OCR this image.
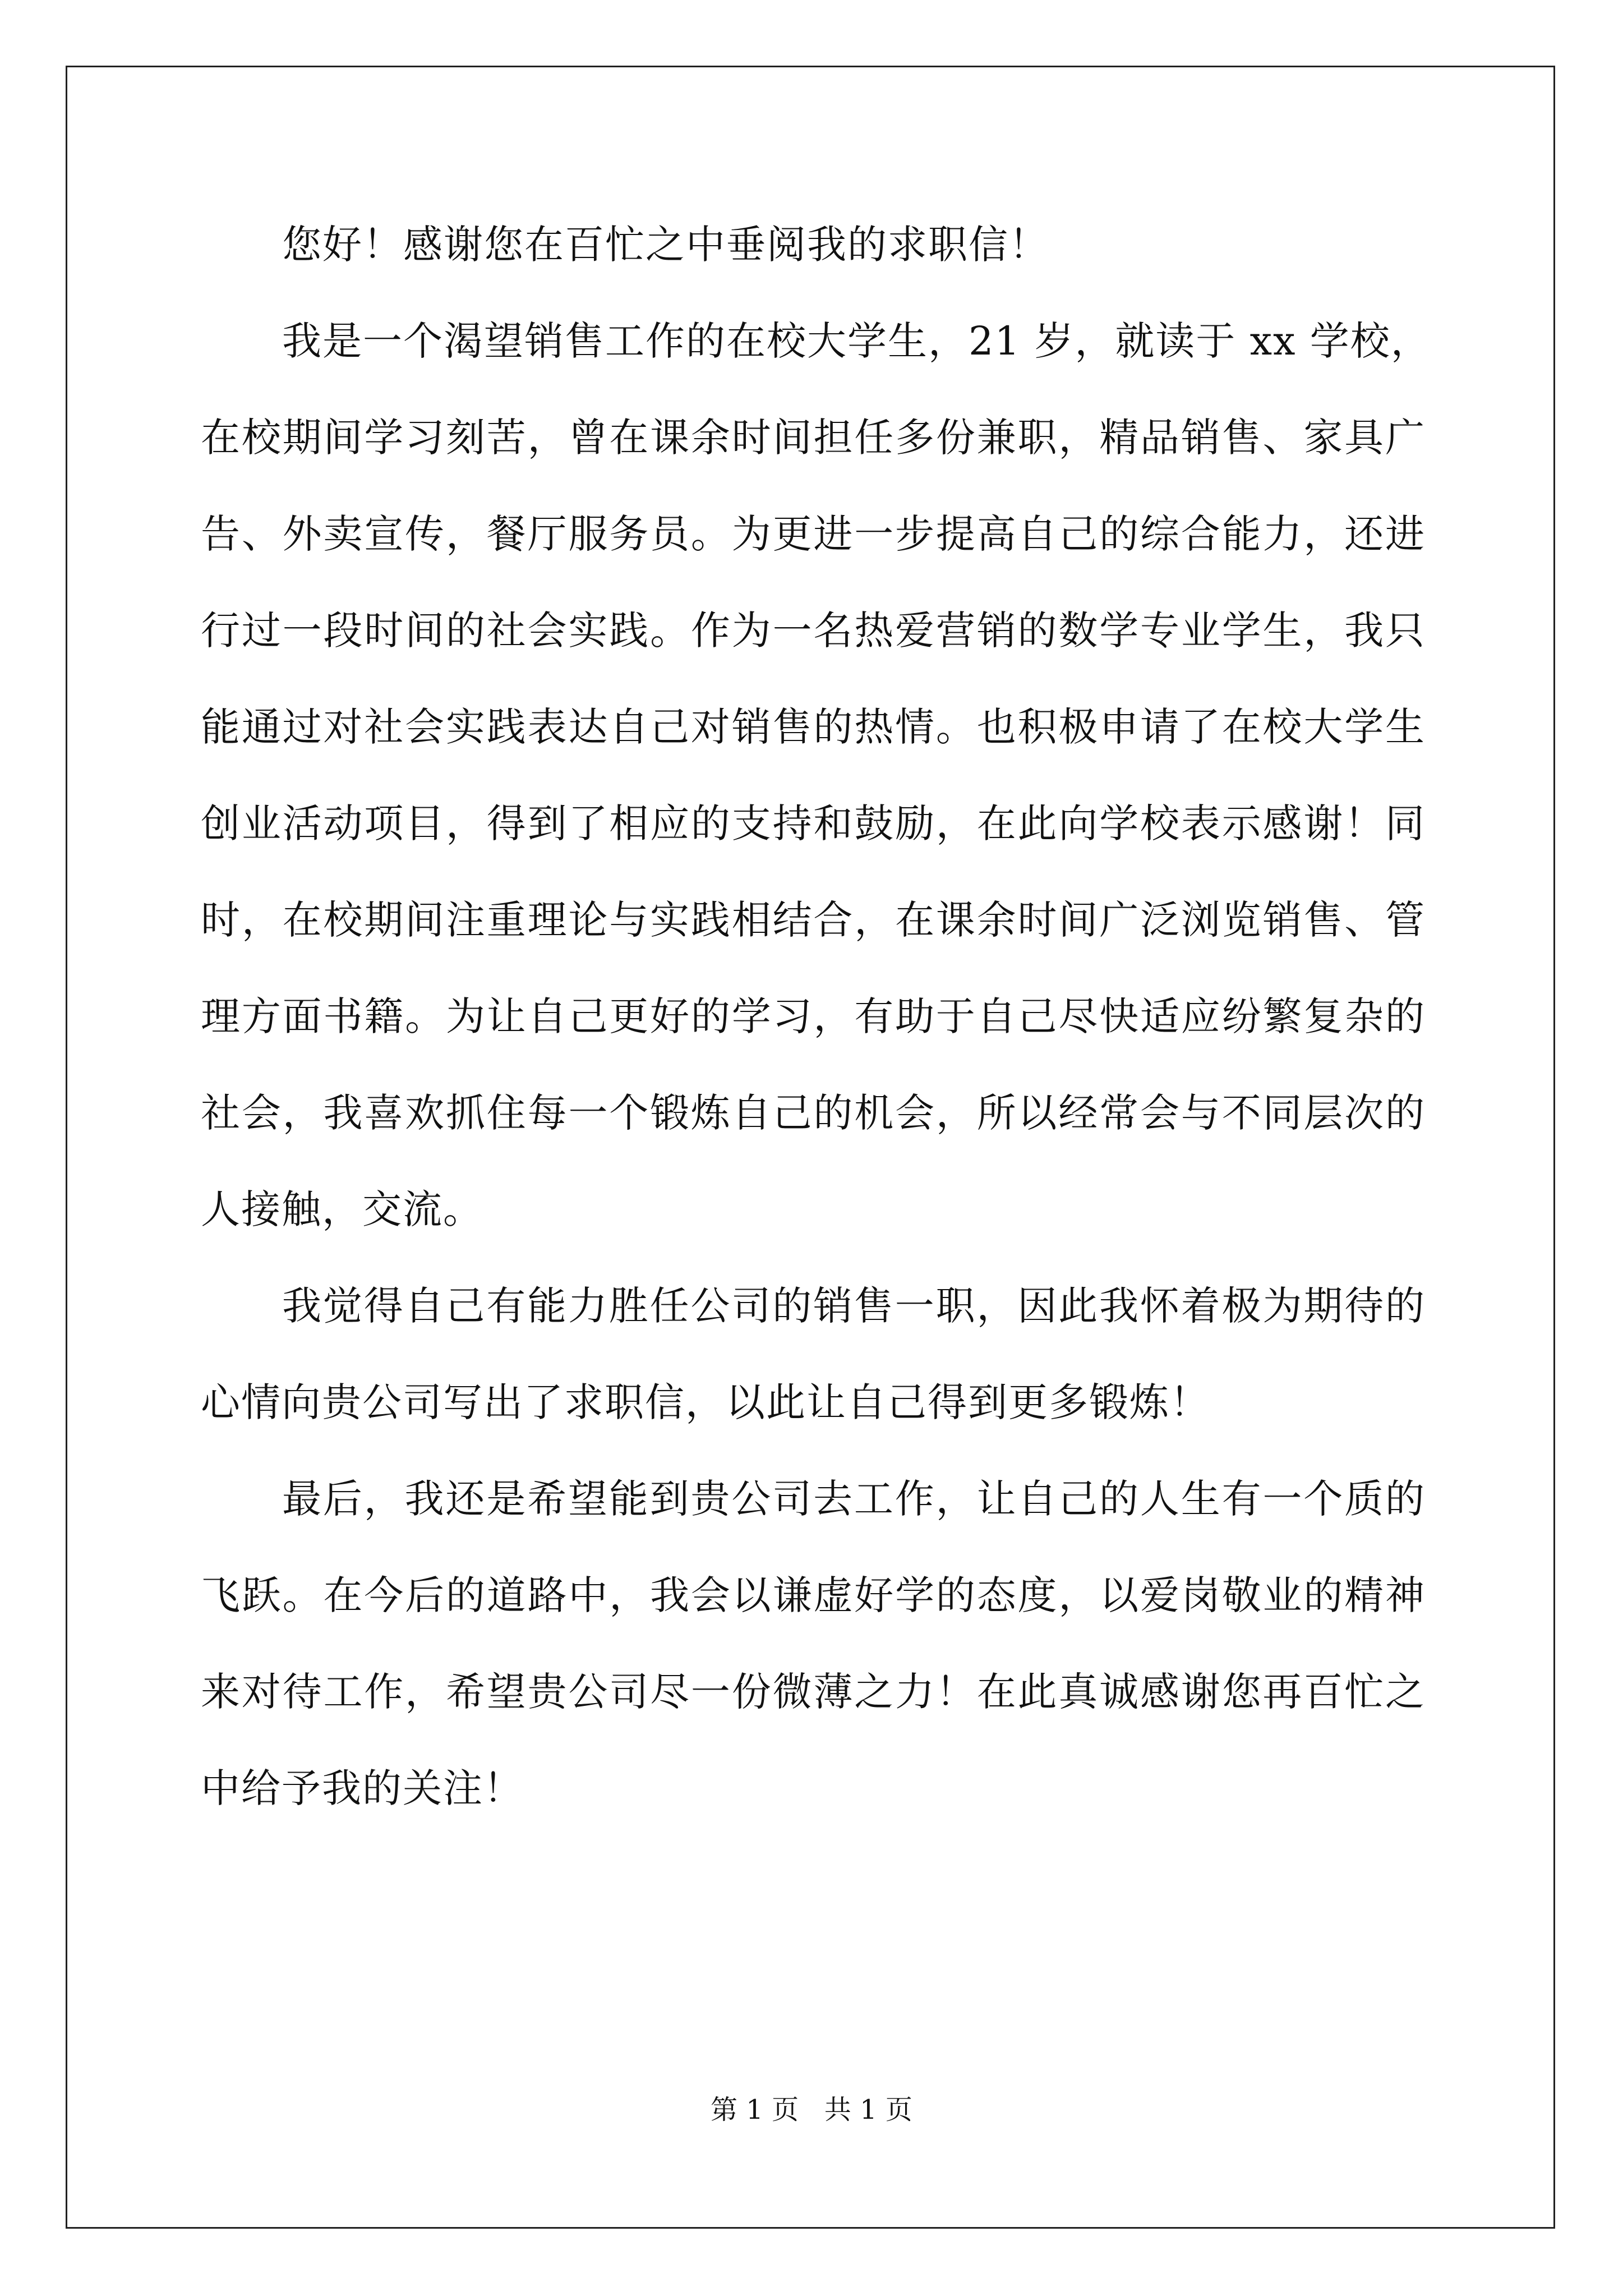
您好！感谢您在百忙之中垂阅我的求职信！
我是一个渴望销售工作的在校大学生，21 岁，就读于 xx 学校，
在校期间学习刻苦，曾在课余时间担任多份兼职，精品销售、家具广
告、外卖宣传，餐厅服务员。为更进一步提高自己的综合能力，还进
行过一段时间的社会实践。作为一名热爱营销的数学专业学生，我只
能通过对社会实践表达自己对销售的热情。也积极申请了在校大学生
创业活动项目，得到了相应的支持和鼓励，在此向学校表示感谢！同
时，在校期间注重理论与实践相结合，在课余时间广泛浏览销售、管
理方面书籍。为让自己更好的学习，有助于自己尽快适应纷繁复杂的
社会，我喜欢抓住每一个锻炼自己的机会，所以经常会与不同层次的
人接触，交流。
我觉得自己有能力胜任公司的销售一职，因此我怀着极为期待的
心情向贵公司写出了求职信，以此让自己得到更多锻炼！
最后，我还是希望能到贵公司去工作，让自己的人生有一个质的
飞跃。在今后的道路中，我会以谦虚好学的态度，以爱岗敬业的精神
来对待工作，希望贵公司尽一份微薄之力！在此真诚感谢您再百忙之
中给予我的关注！
第 1 页   共 1 页
